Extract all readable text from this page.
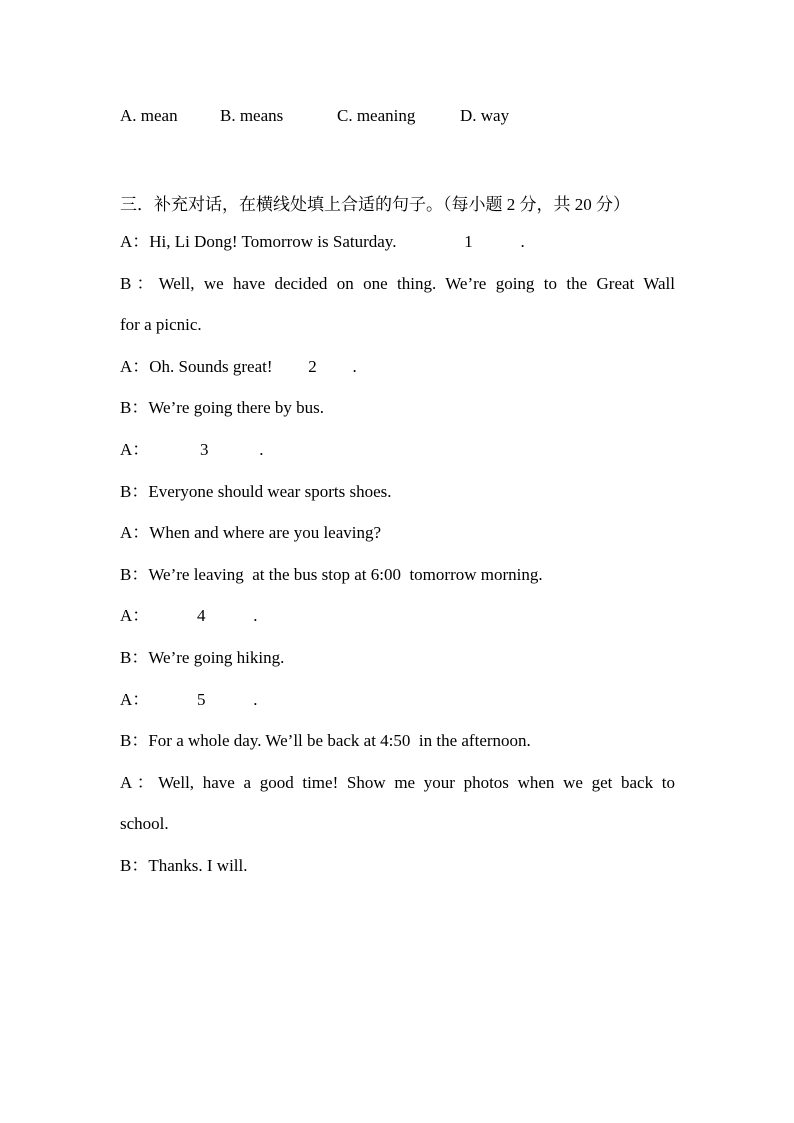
A. mean B. means	C. meaning	D. way
三．补充对话，在横线处填上合适的句子。（每小题 2 分，共 20 分）
A：Hi, Li Dong! Tomorrow is Saturday.	1	.
B：Well, we have decided on one thing. We’re going to the Great Wall
for a picnic.
A：Oh. Sounds great! 2 .
B：We’re going there by bus.
A：	3	.
B：Everyone should wear sports shoes.
A：When and where are you leaving?
B：We’re leaving  at the bus stop at 6:00  tomorrow morning.
A：	4	.
B：We’re going hiking.
A：	5	.
B：For a whole day. We’ll be back at 4:50  in the afternoon.
A：Well, have a good time! Show me your photos when we get back to
school.
B：Thanks. I will.
